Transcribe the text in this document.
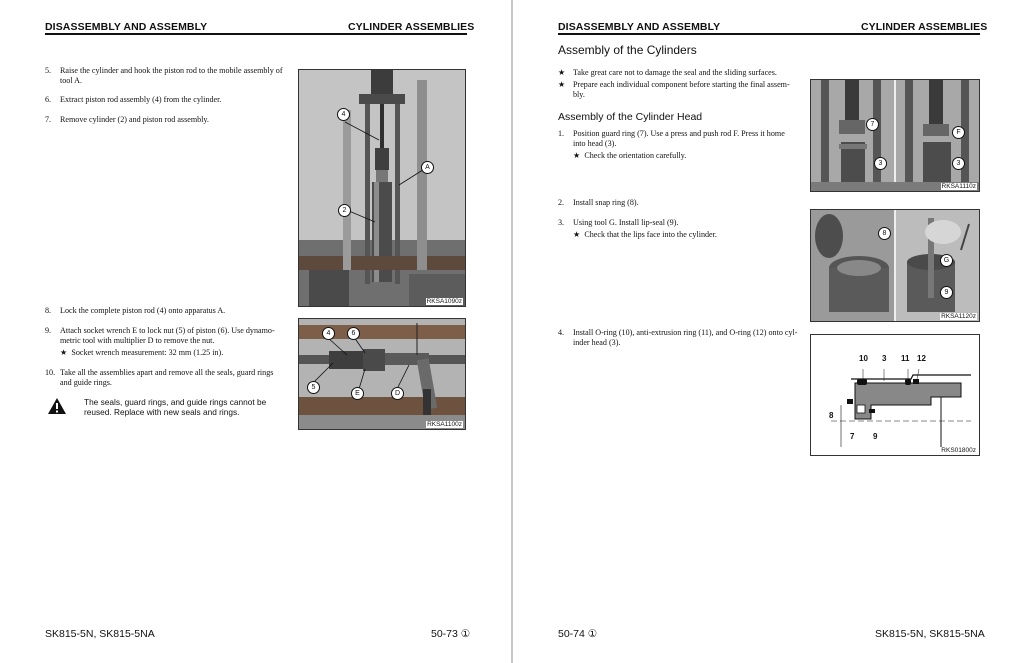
DISASSEMBLY AND ASSEMBLY	CYLINDER ASSEMBLIES
5. Raise the cylinder and hook the piston rod to the mobile assembly of
tool A.
6. Extract piston rod assembly (4) from the cylinder.
7. Remove cylinder (2) and piston rod assembly.
4
A
2
RKSA1090z
8. Lock the complete piston rod (4) onto apparatus A.
9. Attach socket wrench E to lock nut (5) of piston (6). Use dynamo-
metric tool with multiplier D to remove the nut.
★ Socket wrench measurement: 32 mm (1.25 in).
10. Take all the assemblies apart and remove all the seals, guard rings
and guide rings.
The seals, guard rings, and guide rings cannot be
reused. Replace with new seals and rings.
4	6
5
E	D
RKSA1100z
SK815-5N, SK815-5NA	50-73 ①
DISASSEMBLY AND ASSEMBLY	CYLINDER ASSEMBLIES
Assembly of the Cylinders
★ Take great care not to damage the seal and the sliding surfaces.
★ Prepare each individual component before starting the final assem-
bly.
Assembly of the Cylinder Head
1. Position guard ring (7). Use a press and push rod F. Press it home
into head (3).
★ Check the orientation carefully.
2. Install snap ring (8).
3. Using tool G. Install lip-seal (9).
★ Check that the lips face into the cylinder.
4. Install O-ring (10), anti-extrusion ring (11), and O-ring (12) onto cyl-
inder head (3).
7
3
F
3
RKSA1110z
8
G
9
RKSA1120z
10 3 11 12
8
7 9
RKS01800z
50-74 ①	SK815-5N, SK815-5NA
